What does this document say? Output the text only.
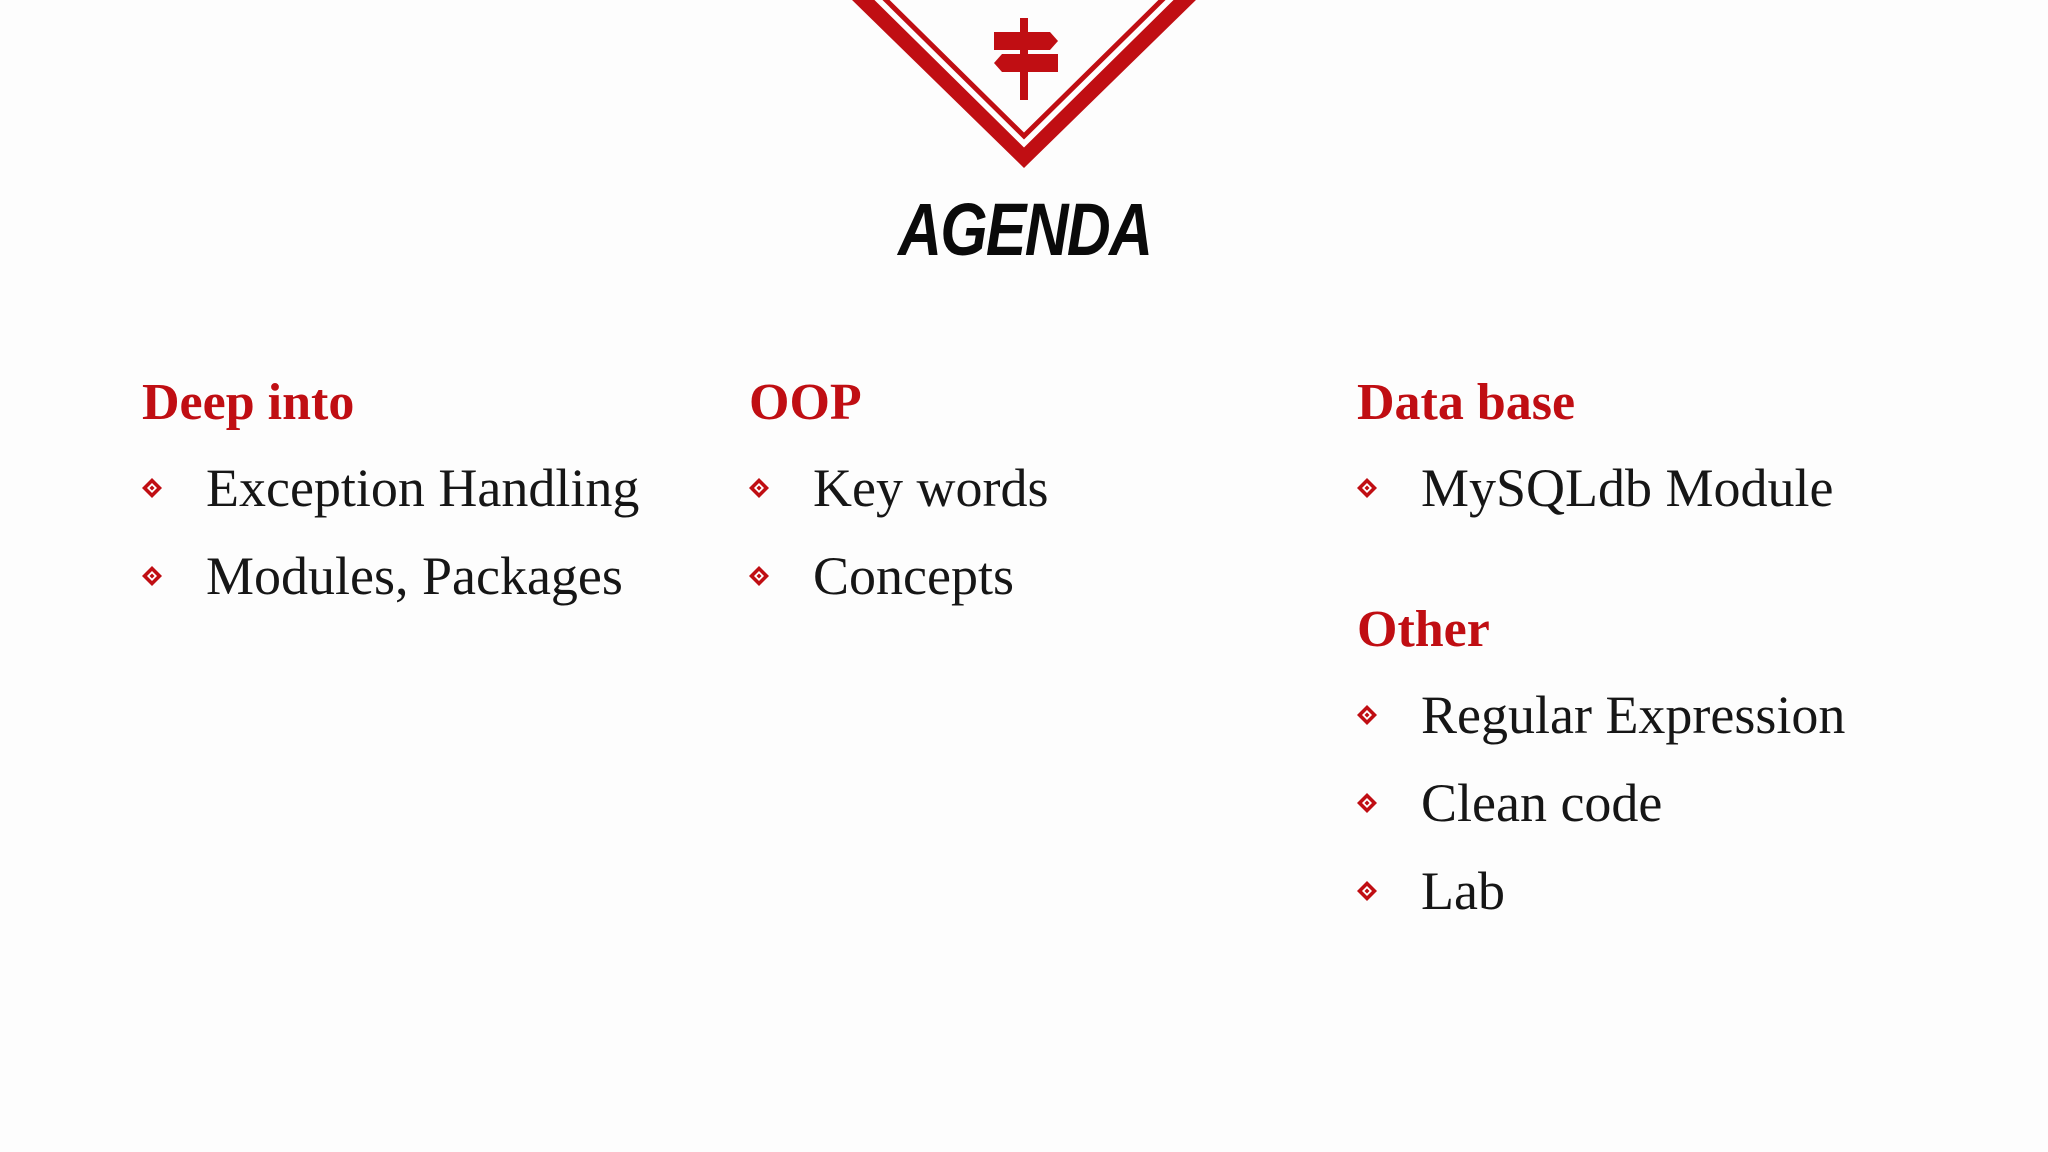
AGENDA
Deep into
Exception Handling
Modules, Packages
OOP
Key words
Concepts
Data base
MySQLdb Module
Other
Regular Expression
Clean code
Lab
